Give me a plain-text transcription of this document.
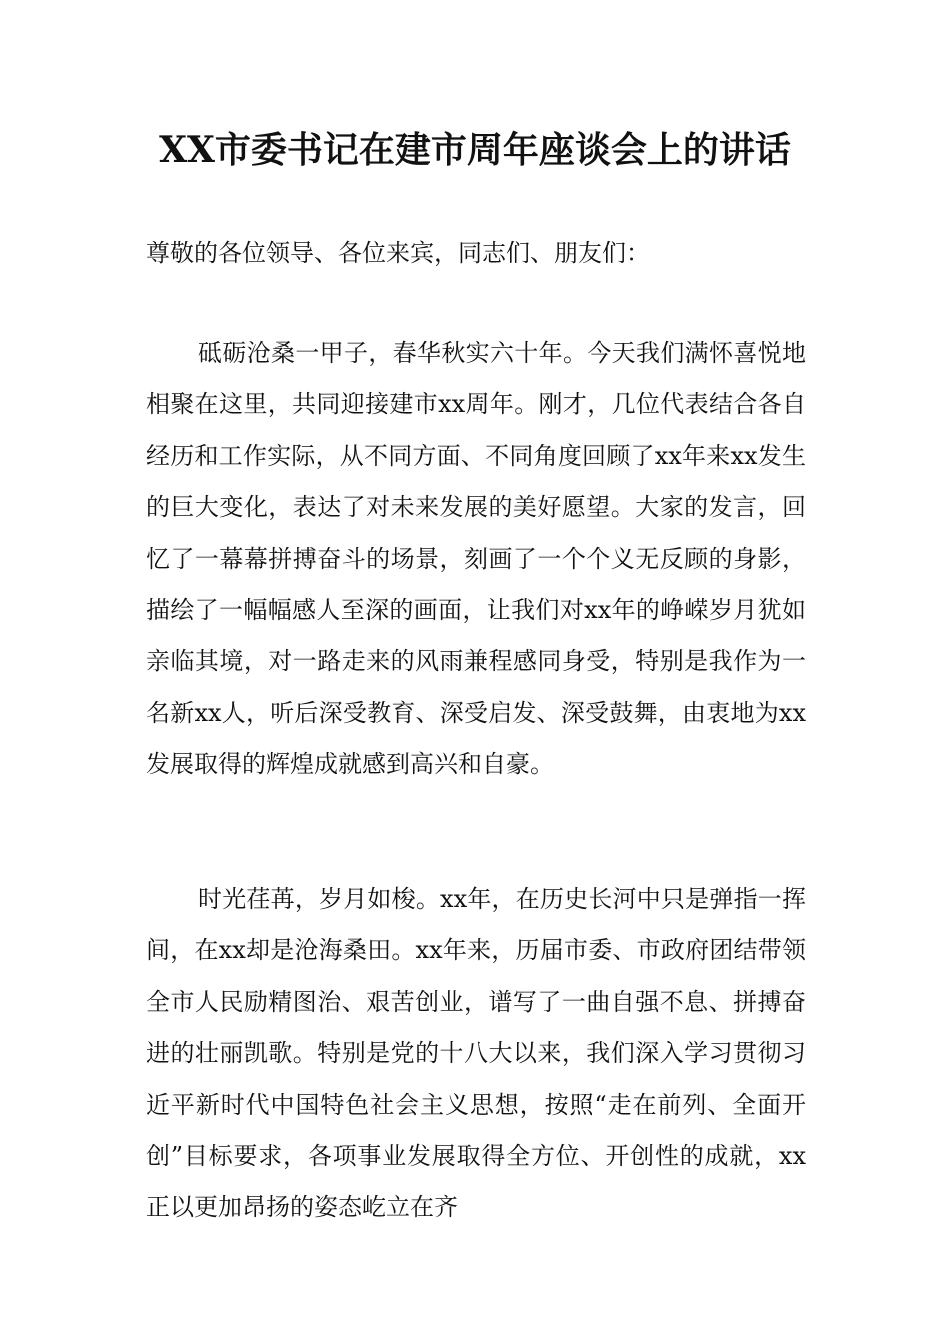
XX市委书记在建市周年座谈会上的讲话
尊敬的各位领导、各位来宾，同志们、朋友们：
砥砺沧桑一甲子，春华秋实六十年。今天我们满怀喜悦地相聚在这里，共同迎接建市xx周年。刚才，几位代表结合各自经历和工作实际，从不同方面、不同角度回顾了xx年来xx发生的巨大变化，表达了对未来发展的美好愿望。大家的发言，回忆了一幕幕拼搏奋斗的场景，刻画了一个个义无反顾的身影，描绘了一幅幅感人至深的画面，让我们对xx年的峥嵘岁月犹如亲临其境，对一路走来的风雨兼程感同身受，特别是我作为一名新xx人，听后深受教育、深受启发、深受鼓舞，由衷地为xx发展取得的辉煌成就感到高兴和自豪。
时光荏苒，岁月如梭。xx年，在历史长河中只是弹指一挥间，在xx却是沧海桑田。xx年来，历届市委、市政府团结带领全市人民励精图治、艰苦创业，谱写了一曲自强不息、拼搏奋进的壮丽凯歌。特别是党的十八大以来，我们深入学习贯彻习近平新时代中国特色社会主义思想，按照“走在前列、全面开创”目标要求，各项事业发展取得全方位、开创性的成就，xx正以更加昂扬的姿态屹立在齐
